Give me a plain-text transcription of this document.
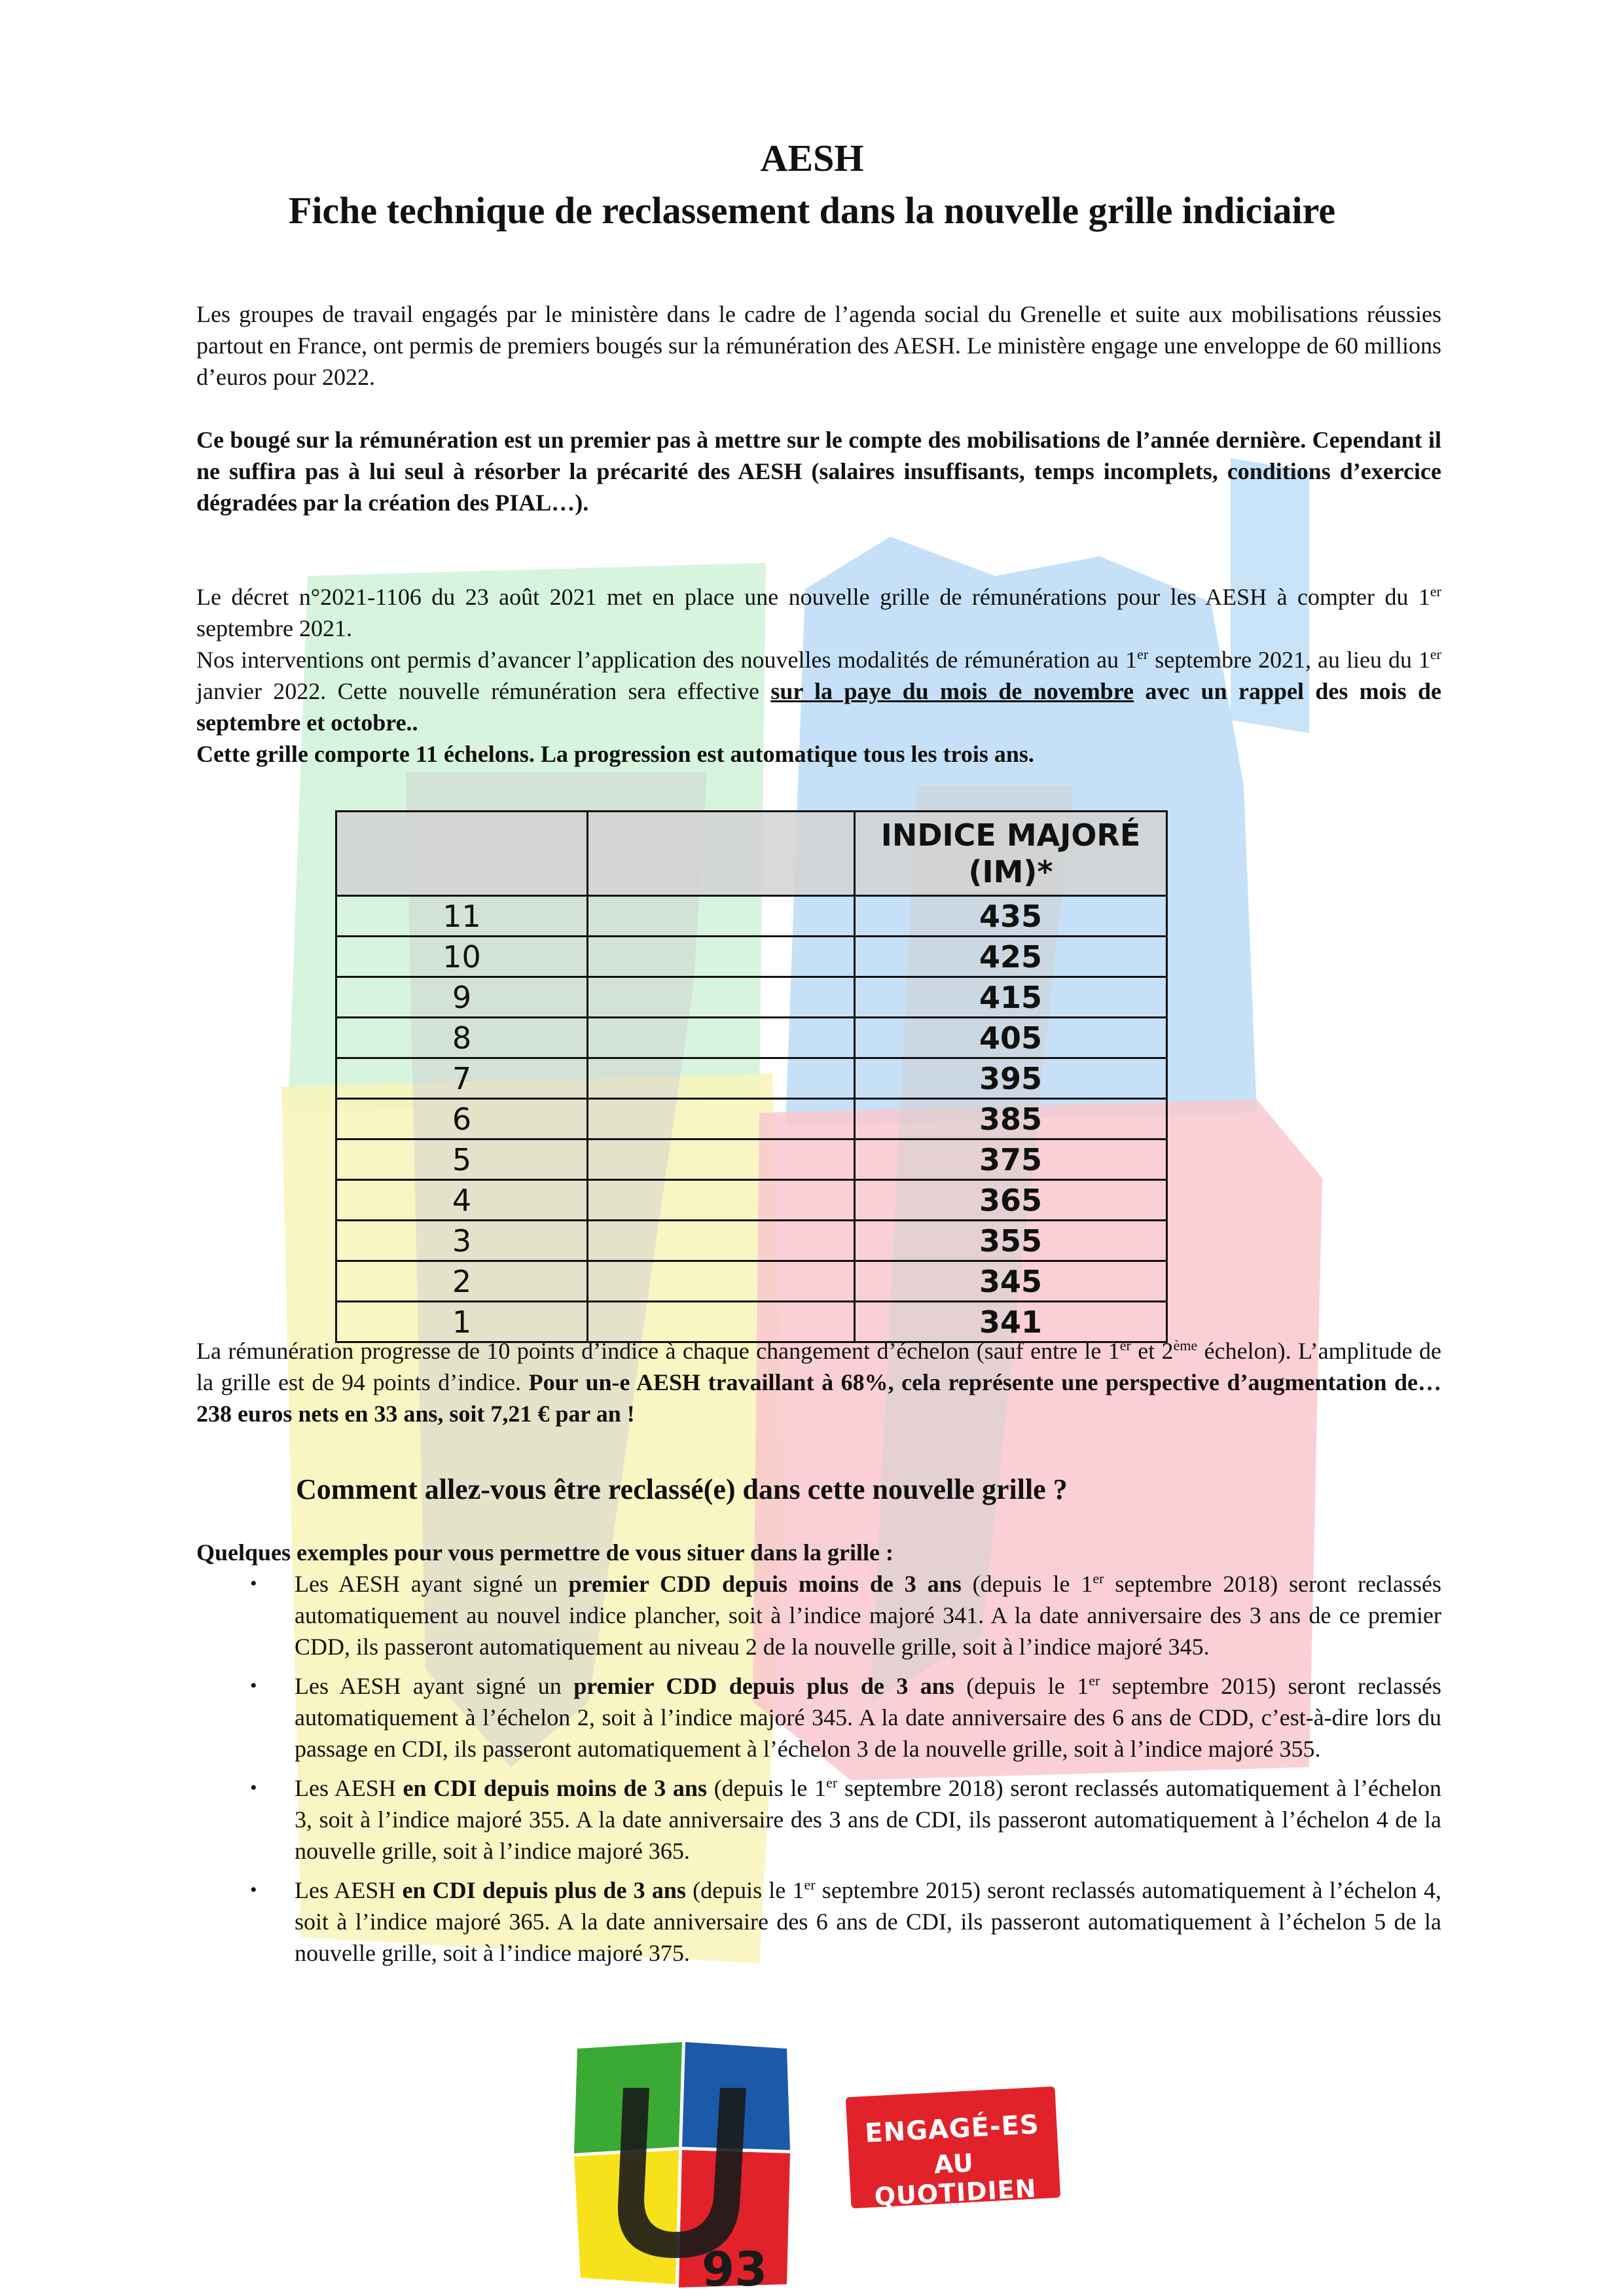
AESH
Fiche technique de reclassement dans la nouvelle grille indiciaire
Les groupes de travail engagés par le ministère dans le cadre de l’agenda social du Grenelle et suite aux mobilisations réussies partout en France, ont permis de premiers bougés sur la rémunération des AESH. Le ministère engage une enveloppe de 60 millions d’euros pour 2022.
Ce bougé sur la rémunération est un premier pas à mettre sur le compte des mobilisations de l’année dernière. Cependant il ne suffira pas à lui seul à résorber la précarité des AESH (salaires insuffisants, temps incomplets, conditions d’exercice dégradées par la création des PIAL…).

Le décret n°2021-1106 du 23 août 2021 met en place une nouvelle grille de rémunérations pour les AESH à compter du 1er septembre 2021.

Nos interventions ont permis d’avancer l’application des nouvelles modalités de rémunération au 1er septembre 2021, au lieu du 1er janvier 2022. Cette nouvelle rémunération sera effective sur la paye du mois de novembre avec un rappel des mois de septembre et octobre..

Cette grille comporte 11 échelons. La progression est automatique tous les trois ans.

		INDICE MAJORÉ (IM)*
11		435
10		425
9		415
8		405
7		395
6		385
5		375
4		365
3		355
2		345
1		341
La rémunération progresse de 10 points d’indice à chaque changement d’échelon (sauf entre le 1er et 2ème échelon). L’amplitude de la grille est de 94 points d’indice. Pour un-e AESH travaillant à 68%, cela représente une perspective d’augmentation de… 238 euros nets en 33 ans, soit 7,21 € par an !
Comment allez-vous être reclassé(e) dans cette nouvelle grille ?
Quelques exemples pour vous permettre de vous situer dans la grille :
• Les AESH ayant signé un premier CDD depuis moins de 3 ans (depuis le 1er septembre 2018) seront reclassés automatiquement au nouvel indice plancher, soit à l’indice majoré 341. A la date anniversaire des 3 ans de ce premier CDD, ils passeront automatiquement au niveau 2 de la nouvelle grille, soit à l’indice majoré 345.
• Les AESH ayant signé un premier CDD depuis plus de 3 ans (depuis le 1er septembre 2015) seront reclassés automatiquement à l’échelon 2, soit à l’indice majoré 345. A la date anniversaire des 6 ans de CDD, c’est-à-dire lors du passage en CDI, ils passeront automatiquement à l’échelon 3 de la nouvelle grille, soit à l’indice majoré 355.
• Les AESH en CDI depuis moins de 3 ans (depuis le 1er septembre 2018) seront reclassés automatiquement à l’échelon 3, soit à l’indice majoré 355. A la date anniversaire des 3 ans de CDI, ils passeront automatiquement à l’échelon 4 de la nouvelle grille, soit à l’indice majoré 365.
• Les AESH en CDI depuis plus de 3 ans (depuis le 1er septembre 2015) seront reclassés automatiquement à l’échelon 4, soit à l’indice majoré 365. A la date anniversaire des 6 ans de CDI, ils passeront automatiquement à l’échelon 5 de la nouvelle grille, soit à l’indice majoré 375.
93
ENGAGÉ-ES
AU QUOTIDIEN
